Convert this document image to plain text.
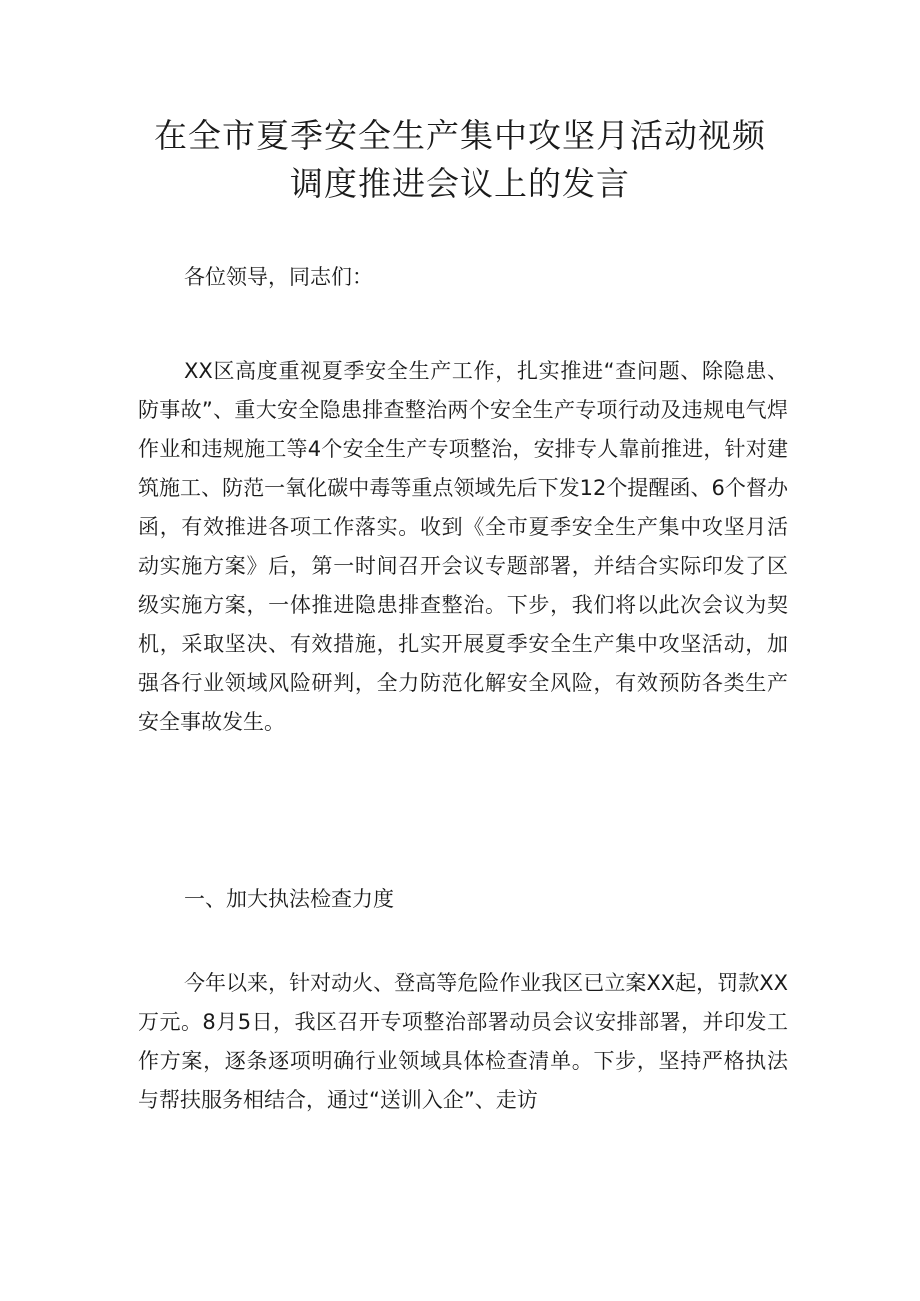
在全市夏季安全生产集中攻坚月活动视频
调度推进会议上的发言
各位领导，同志们：
XX区高度重视夏季安全生产工作，扎实推进“查问题、除隐患、防事故”、重大安全隐患排查整治两个安全生产专项行动及违规电气焊作业和违规施工等4个安全生产专项整治，安排专人靠前推进，针对建筑施工、防范一氧化碳中毒等重点领域先后下发12个提醒函、6个督办函，有效推进各项工作落实。收到《全市夏季安全生产集中攻坚月活动实施方案》后，第一时间召开会议专题部署，并结合实际印发了区级实施方案，一体推进隐患排查整治。下步，我们将以此次会议为契机，采取坚决、有效措施，扎实开展夏季安全生产集中攻坚活动，加强各行业领域风险研判，全力防范化解安全风险，有效预防各类生产安全事故发生。
一、加大执法检查力度
今年以来，针对动火、登高等危险作业我区已立案XX起，罚款XX万元。8月5日，我区召开专项整治部署动员会议安排部署，并印发工作方案，逐条逐项明确行业领域具体检查清单。下步，坚持严格执法与帮扶服务相结合，通过“送训入企”、走访
